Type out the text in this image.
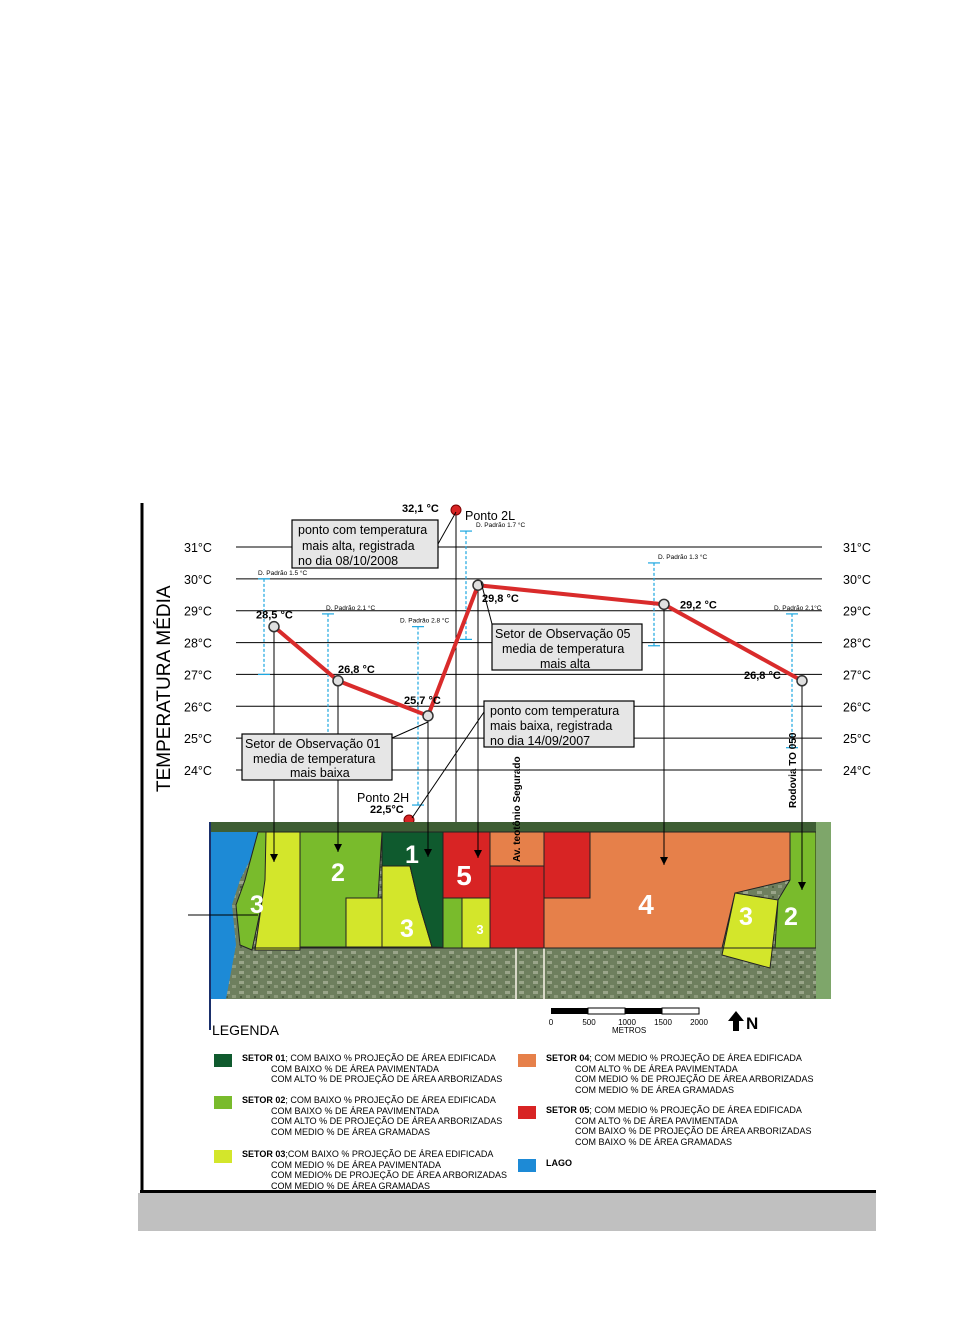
TEMPERATURA MÉDIA 24°C
25°C
26°C
27°C
28°C
29°C
30°C
31°C
24°C
25°C
26°C
27°C
28°C
29°C
30°C
31°C
D. Padrão 1.5 °C
D. Padrão 2.1 °C
D. Padrão 2.8 °C
D. Padrão 1.7 °C
D. Padrão 1.3 °C
D. Padrão 2.1°C
32,1 °C Ponto 2L
Ponto 2H
22,5°C
1
2
3
3	3
4
5
3 2
Av. teotônio Segurado	Rodovia TO 050
28,5 °C
26,8 °C
25,7 °C
29,8 °C
29,2 °C
26,8 °C
ponto com temperatura
mais alta, registrada
no dia 08/10/2008
ponto com temperatura
mais baixa, registrada
no dia 14/09/2007
Setor de Observação 05
media de temperatura
mais alta
Setor de Observação 01
media de temperatura
mais baixa
0	500	1000 1500 2000
METROS	N
LEGENDA
SETOR 01; COM BAIXO % PROJEÇÃO DE ÁREA EDIFICADA
COM BAIXO % DE ÁREA PAVIMENTADA
COM ALTO % DE PROJEÇÃO DE ÁREA ARBORIZADAS
SETOR 02; COM BAIXO % PROJEÇÃO DE ÁREA EDIFICADA
COM BAIXO % DE ÁREA PAVIMENTADA
COM ALTO % DE PROJEÇÃO DE ÁREA ARBORIZADAS
COM MEDIO % DE ÁREA GRAMADAS
SETOR 03;COM BAIXO % PROJEÇÃO DE ÁREA EDIFICADA
COM MEDIO % DE ÁREA PAVIMENTADA
COM MEDIO% DE PROJEÇÃO DE ÁREA ARBORIZADAS
COM MEDIO % DE ÁREA GRAMADAS
SETOR 04; COM MEDIO % PROJEÇÃO DE ÁREA EDIFICADA
COM ALTO % DE ÁREA PAVIMENTADA
COM MEDIO % DE PROJEÇÃO DE ÁREA ARBORIZADAS
COM MEDIO % DE ÁREA GRAMADAS
SETOR 05; COM MEDIO % PROJEÇÃO DE ÁREA EDIFICADA
COM ALTO % DE ÁREA PAVIMENTADA
COM BAIXO % DE PROJEÇÃO DE ÁREA ARBORIZADAS
COM BAIXO % DE ÁREA GRAMADAS
LAGO
